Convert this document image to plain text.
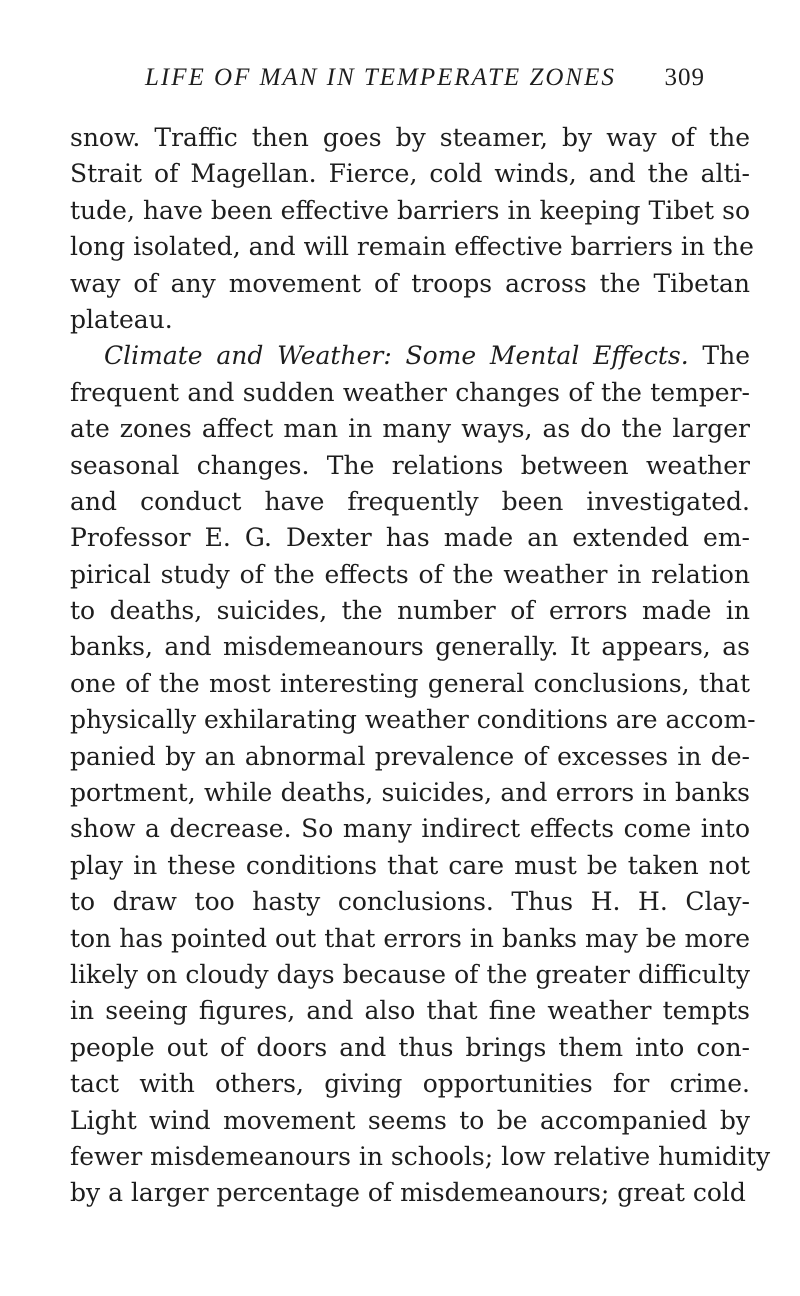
LIFE OF MAN IN TEMPERATE ZONES 309
snow. Traffic then goes by steamer, by way of the
Strait of Magellan. Fierce, cold winds, and the alti-
tude, have been effective barriers in keeping Tibet so
long isolated, and will remain effective barriers in the
way of any movement of troops across the Tibetan
plateau.
Climate and Weather: Some Mental Effects. The
frequent and sudden weather changes of the temper-
ate zones affect man in many ways, as do the larger
seasonal changes. The relations between weather
and conduct have frequently been investigated.
Professor E. G. Dexter has made an extended em-
pirical study of the effects of the weather in relation
to deaths, suicides, the number of errors made in
banks, and misdemeanours generally. It appears, as
one of the most interesting general conclusions, that
physically exhilarating weather conditions are accom-
panied by an abnormal prevalence of excesses in de-
portment, while deaths, suicides, and errors in banks
show a decrease. So many indirect effects come into
play in these conditions that care must be taken not
to draw too hasty conclusions. Thus H. H. Clay-
ton has pointed out that errors in banks may be more
likely on cloudy days because of the greater difficulty
in seeing figures, and also that fine weather tempts
people out of doors and thus brings them into con-
tact with others, giving opportunities for crime.
Light wind movement seems to be accompanied by
fewer misdemeanours in schools; low relative humidity
by a larger percentage of misdemeanours; great cold
